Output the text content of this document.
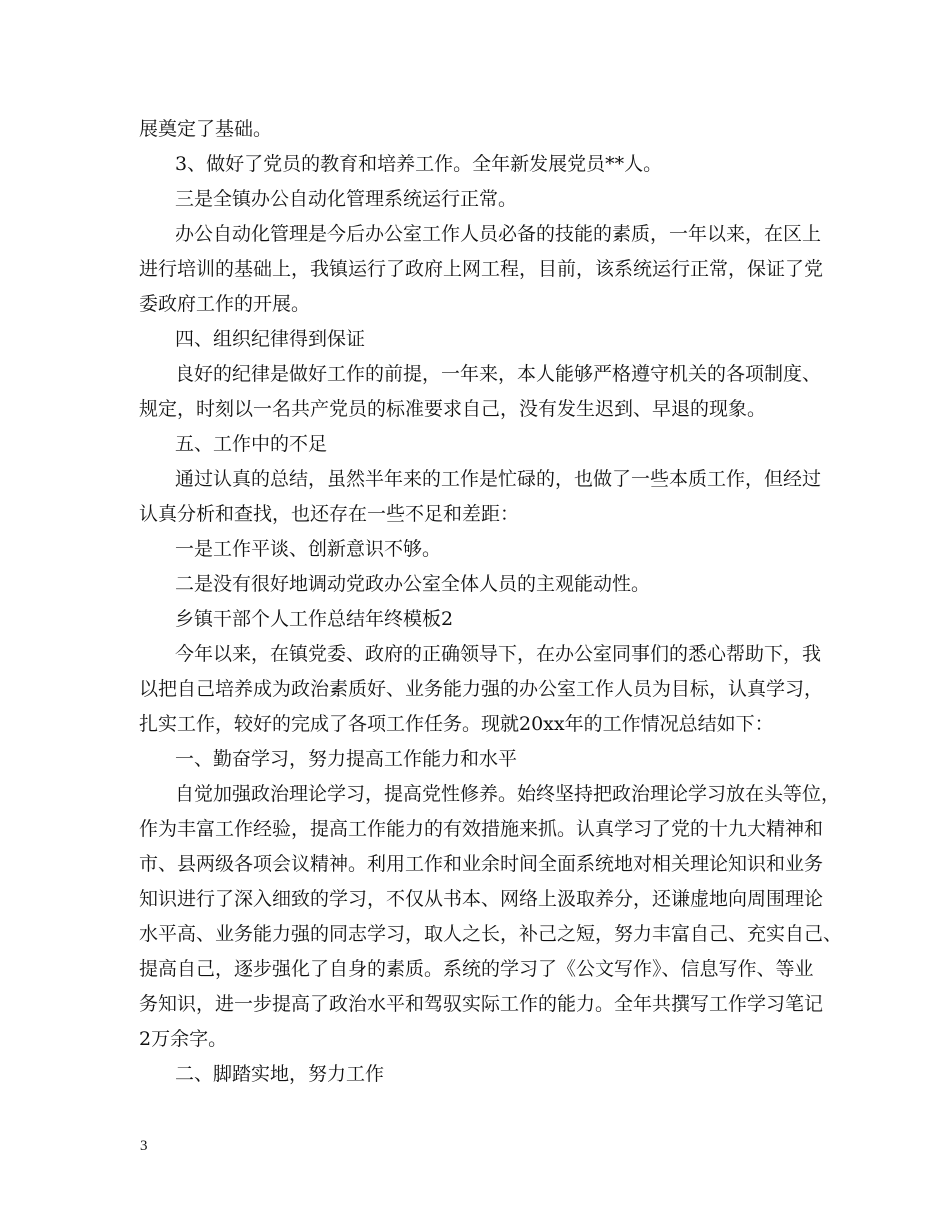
展奠定了基础。
3、做好了党员的教育和培养工作。全年新发展党员**人。
三是全镇办公自动化管理系统运行正常。
办公自动化管理是今后办公室工作人员必备的技能的素质，一年以来，在区上
进行培训的基础上，我镇运行了政府上网工程，目前，该系统运行正常，保证了党
委政府工作的开展。
四、组织纪律得到保证
良好的纪律是做好工作的前提，一年来，本人能够严格遵守机关的各项制度、
规定，时刻以一名共产党员的标准要求自己，没有发生迟到、早退的现象。
五、工作中的不足
通过认真的总结，虽然半年来的工作是忙碌的，也做了一些本质工作，但经过
认真分析和查找，也还存在一些不足和差距：
一是工作平谈、创新意识不够。
二是没有很好地调动党政办公室全体人员的主观能动性。
乡镇干部个人工作总结年终模板2
今年以来，在镇党委、政府的正确领导下，在办公室同事们的悉心帮助下，我
以把自己培养成为政治素质好、业务能力强的办公室工作人员为目标，认真学习，
扎实工作，较好的完成了各项工作任务。现就20xx年的工作情况总结如下：
一、勤奋学习，努力提高工作能力和水平
自觉加强政治理论学习，提高党性修养。始终坚持把政治理论学习放在头等位，
作为丰富工作经验，提高工作能力的有效措施来抓。认真学习了党的十九大精神和
市、县两级各项会议精神。利用工作和业余时间全面系统地对相关理论知识和业务
知识进行了深入细致的学习，不仅从书本、网络上汲取养分，还谦虚地向周围理论
水平高、业务能力强的同志学习，取人之长，补己之短，努力丰富自己、充实自己、
提高自己，逐步强化了自身的素质。系统的学习了《公文写作》、信息写作、等业
务知识，进一步提高了政治水平和驾驭实际工作的能力。全年共撰写工作学习笔记
2万余字。
二、脚踏实地，努力工作
3
